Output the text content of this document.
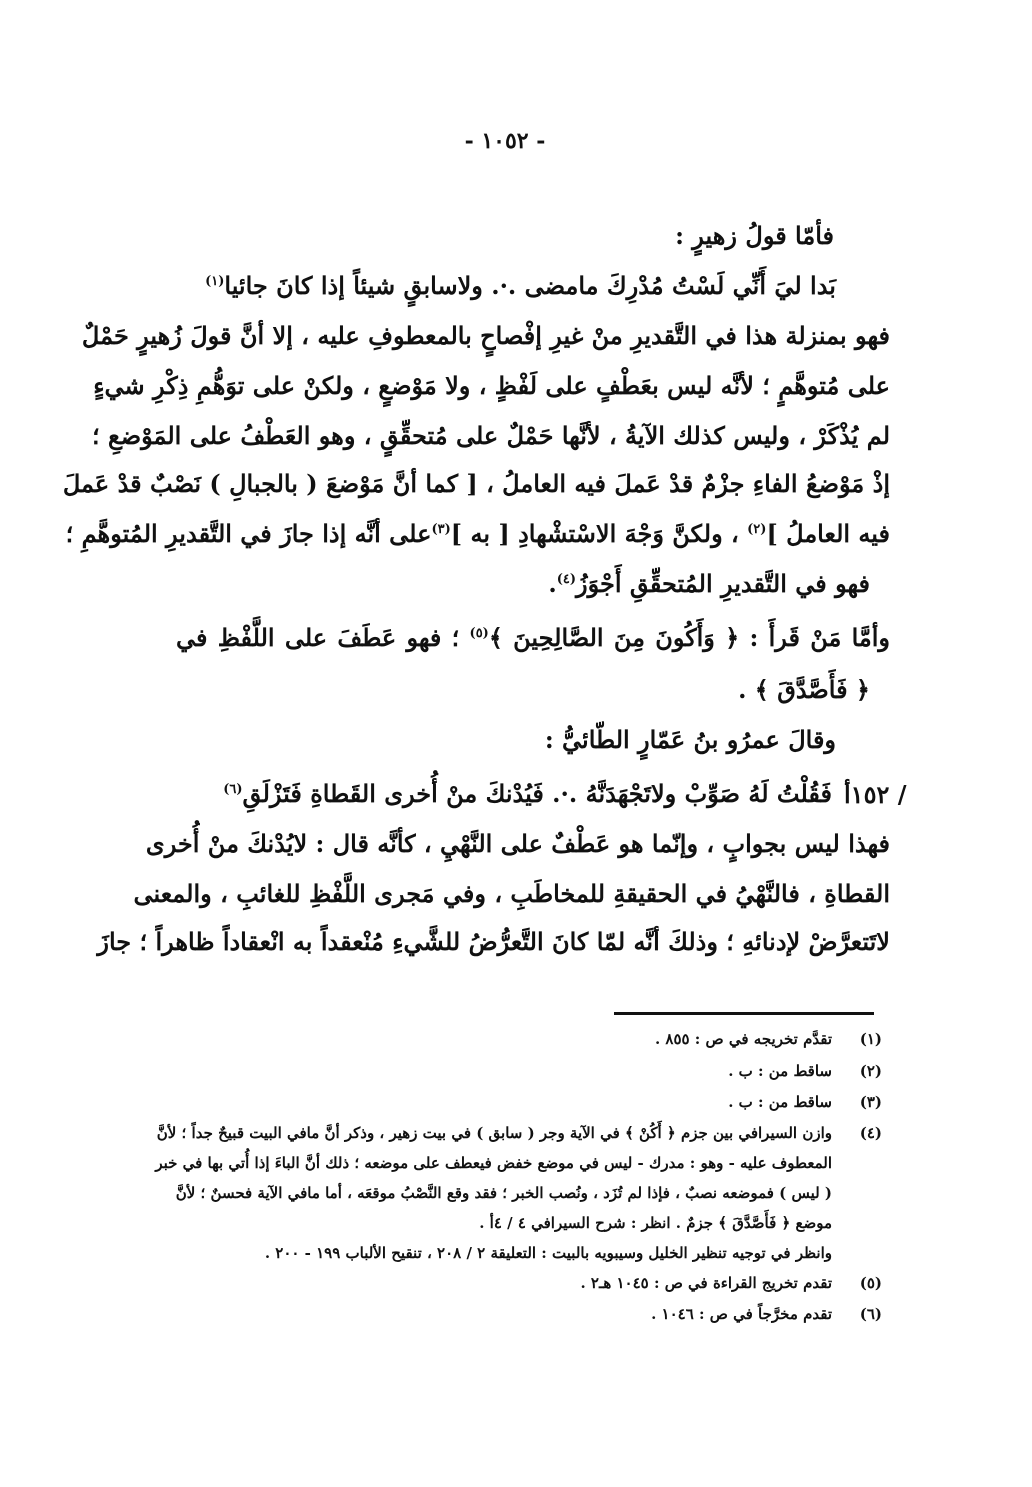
- ١٠٥٢ -
فأمّا قولُ زهيرٍ :
بَدا ليَ أَنِّي لَسْتُ مُدْرِكَ مامضى .·. ولاسابقٍ شيئاً إذا كانَ جائيا$^{(١)}$
فهو بمنزلة هذا في التَّقديرِ منْ غيرِ إفْصاحٍ بالمعطوفِ عليه ، إلا أنَّ قولَ زُهيرٍ حَمْلٌ
على مُتوهَّمٍ ؛ لأنَّه ليس بعَطْفٍ على لَفْظٍ ، ولا مَوْضعٍ ، ولكنْ على توَهُّمِ ذِكْرِ شيءٍ
لم يُذْكَرْ ، وليس كذلك الآيةُ ، لأنَّها حَمْلٌ على مُتحقِّقٍ ، وهو العَطْفُ على المَوْضعِ ؛
إذْ مَوْضعُ الفاءِ جزْمٌ قدْ عَملَ فيه العاملُ ، [ كما أنَّ مَوْضعَ ( بالجبالِ ) نَصْبٌ قدْ عَملَ
فيه العاملُ ]$^{(٢)}$ ، ولكنَّ وَجْهَ الاسْتشْهادِ [ به ]$^{(٣)}$على أنَّه إذا جازَ في التَّقديرِ المُتوهَّمِ ؛
فهو في التَّقديرِ المُتحقِّقِ أَجْوَزُ$^{(٤)}$.
وأمَّا مَنْ قَرأَ : ﴿ وَأَكُونَ مِنَ الصَّالِحِينَ ﴾$^{(٥)}$ ؛ فهو عَطَفَ على اللَّفْظِ في
﴿ فَأَصَّدَّقَ ﴾ .
وقالَ عمرُو بنُ عَمّارٍ الطّائيُّ :
/ ١٥٢أ
فَقُلْتُ لَهُ صَوِّبْ ولاتَجْهَدَنَّهُ .·. فَيُدْنكَ منْ أُخرى القَطاةِ فَتَزْلَقِ$^{(٦)}$
فهذا ليس بجوابٍ ، وإنّما هو عَطْفٌ على النَّهْيِ ، كأنَّه قال : لايُدْنكَ منْ أُخرى
القطاةِ ، فالنَّهْيُ في الحقيقةِ للمخاطَبِ ، وفي مَجرى اللَّفْظِ للغائبِ ، والمعنى
لاتَتعرَّضْ لإدنائهِ ؛ وذلكَ أنَّه لمّا كانَ التَّعرُّضُ للشَّيءِ مُنْعقداً به انْعقاداً ظاهراً ؛ جازَ
(١)تقدَّم تخريجه في ص : ٨٥٥ .
(٢)ساقط من : ب .
(٣)ساقط من : ب .
(٤)وازن السيرافي بين جزم ﴿ أَكُنْ ﴾ في الآية وجر ( سابق ) في بيت زهير ، وذكر أنَّ مافي البيت قبيحٌ جداً ؛ لأنَّ
المعطوف عليه - وهو : مدرك - ليس في موضع خفض فيعطف على موضعه ؛ ذلك أنَّ الباءَ إذا أُتي بها في خبر
( ليس ) فموضعه نصبٌ ، فإذا لم تُزَد ، ونُصب الخبر ؛ فقد وقع النَّصْبُ موقعَه ، أما مافي الآية فحسنٌ ؛ لأنَّ
موضع ﴿ فَأَصَّدَّقَ ﴾ جزمٌ . انظر : شرح السيرافي ٤ / ٤أ .
وانظر في توجيه تنظير الخليل وسيبويه بالبيت : التعليقة ٢ / ٢٠٨ ، تنقيح الألباب ١٩٩ - ٢٠٠ .
(٥)تقدم تخريج القراءة في ص : ١٠٤٥ هـ٢ .
(٦)تقدم مخرَّجاً في ص : ١٠٤٦ .
